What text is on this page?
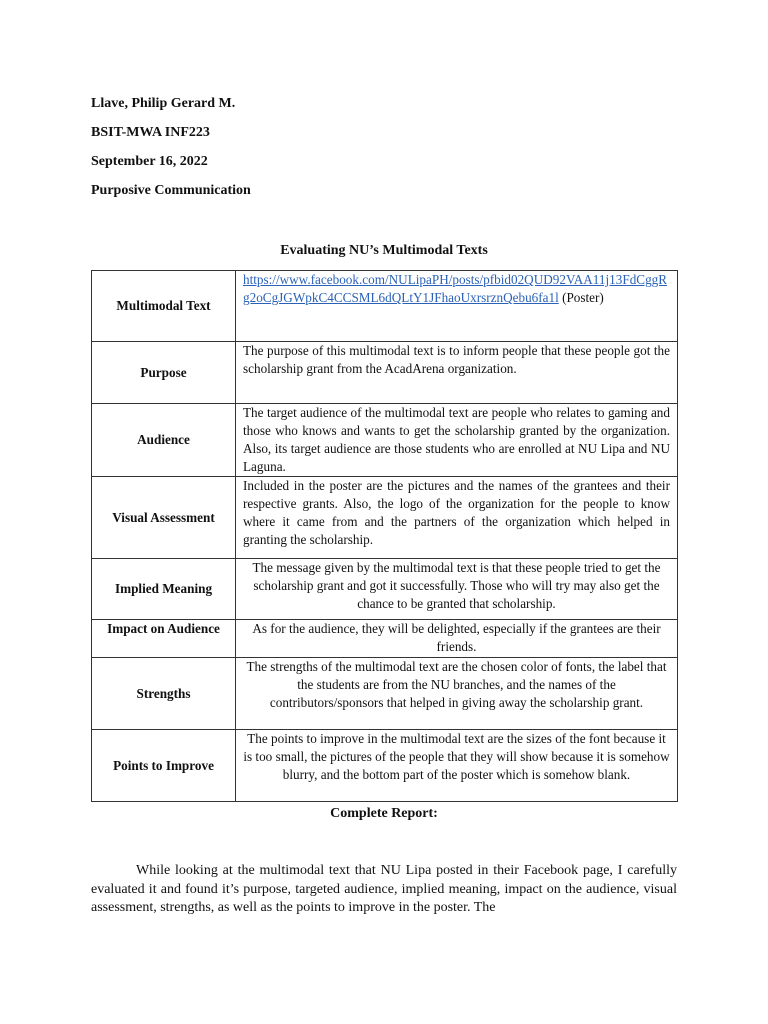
Llave, Philip Gerard M.
BSIT-MWA INF223
September 16, 2022
Purposive Communication
Evaluating NU’s Multimodal Texts
Multimodal Text	https://www.facebook.com/NULipaPH/posts/pfbid02QUD92VAA11j13FdCggRg2oCgJGWpkC4CCSML6dQLtY1JFhaoUxrsrznQebu6fa1l (Poster)
Purpose	The purpose of this multimodal text is to inform people that these people got the scholarship grant from the AcadArena organization.
Audience	The target audience of the multimodal text are people who relates to gaming and those who knows and wants to get the scholarship granted by the organization. Also, its target audience are those students who are enrolled at NU Lipa and NU Laguna.
Visual Assessment	Included in the poster are the pictures and the names of the grantees and their respective grants. Also, the logo of the organization for the people to know where it came from and the partners of the organization which helped in granting the scholarship.
Implied Meaning	The message given by the multimodal text is that these people tried to get the scholarship grant and got it successfully. Those who will try may also get the chance to be granted that scholarship.
Impact on Audience	As for the audience, they will be delighted, especially if the grantees are their friends.
Strengths	The strengths of the multimodal text are the chosen color of fonts, the label that the students are from the NU branches, and the names of the contributors/sponsors that helped in giving away the scholarship grant.
Points to Improve	The points to improve in the multimodal text are the sizes of the font because it is too small, the pictures of the people that they will show because it is somehow blurry, and the bottom part of the poster which is somehow blank.
Complete Report:
While looking at the multimodal text that NU Lipa posted in their Facebook page, I carefully evaluated it and found it’s purpose, targeted audience, implied meaning, impact on the audience, visual assessment, strengths, as well as the points to improve in the poster. The
